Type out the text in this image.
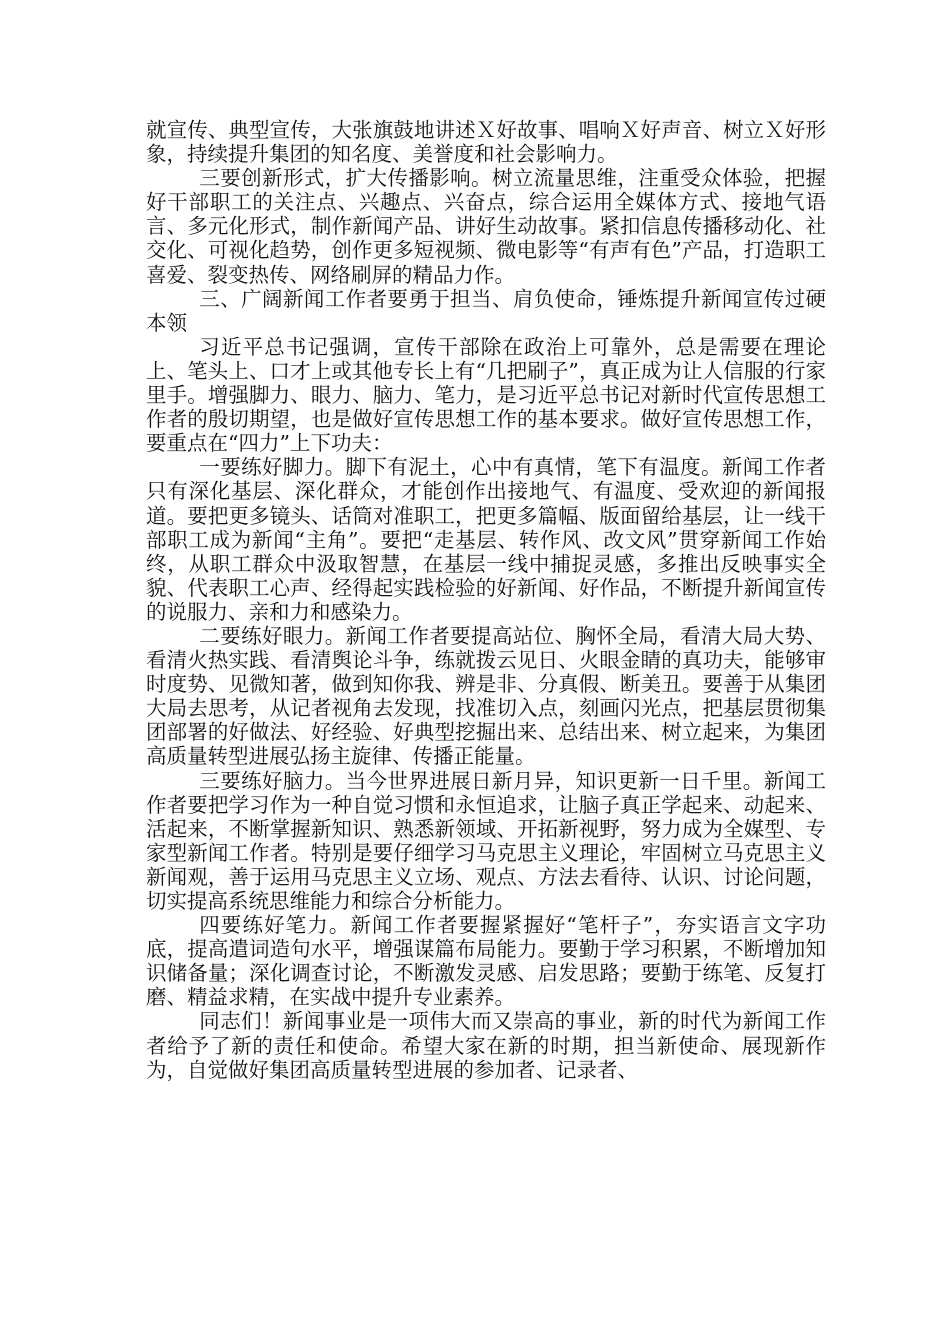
就宣传、典型宣传，大张旗鼓地讲述Ｘ好故事、唱响Ｘ好声音、树立Ｘ好形象，持续提升集团的知名度、美誉度和社会影响力。

三要创新形式，扩大传播影响。树立流量思维，注重受众体验，把握好干部职工的关注点、兴趣点、兴奋点，综合运用全媒体方式、接地气语言、多元化形式，制作新闻产品、讲好生动故事。紧扣信息传播移动化、社交化、可视化趋势，创作更多短视频、微电影等“有声有色”产品，打造职工喜爱、裂变热传、网络刷屏的精品力作。

三、广阔新闻工作者要勇于担当、肩负使命，锤炼提升新闻宣传过硬本领

习近平总书记强调，宣传干部除在政治上可靠外，总是需要在理论上、笔头上、口才上或其他专长上有“几把刷子”，真正成为让人信服的行家里手。增强脚力、眼力、脑力、笔力，是习近平总书记对新时代宣传思想工作者的殷切期望，也是做好宣传思想工作的基本要求。做好宣传思想工作，要重点在“四力”上下功夫：

一要练好脚力。脚下有泥土，心中有真情，笔下有温度。新闻工作者只有深化基层、深化群众，才能创作出接地气、有温度、受欢迎的新闻报道。要把更多镜头、话筒对准职工，把更多篇幅、版面留给基层，让一线干部职工成为新闻“主角”。要把“走基层、转作风、改文风”贯穿新闻工作始终，从职工群众中汲取智慧，在基层一线中捕捉灵感，多推出反映事实全貌、代表职工心声、经得起实践检验的好新闻、好作品，不断提升新闻宣传的说服力、亲和力和感染力。

二要练好眼力。新闻工作者要提高站位、胸怀全局，看清大局大势、看清火热实践、看清舆论斗争，练就拨云见日、火眼金睛的真功夫，能够审时度势、见微知著，做到知你我、辨是非、分真假、断美丑。要善于从集团大局去思考，从记者视角去发现，找准切入点，刻画闪光点，把基层贯彻集团部署的好做法、好经验、好典型挖掘出来、总结出来、树立起来，为集团高质量转型进展弘扬主旋律、传播正能量。

三要练好脑力。当今世界进展日新月异，知识更新一日千里。新闻工作者要把学习作为一种自觉习惯和永恒追求，让脑子真正学起来、动起来、活起来，不断掌握新知识、熟悉新领域、开拓新视野，努力成为全媒型、专家型新闻工作者。特别是要仔细学习马克思主义理论，牢固树立马克思主义新闻观，善于运用马克思主义立场、观点、方法去看待、认识、讨论问题，切实提高系统思维能力和综合分析能力。

四要练好笔力。新闻工作者要握紧握好“笔杆子”，夯实语言文字功底，提高遣词造句水平，增强谋篇布局能力。要勤于学习积累，不断增加知识储备量；深化调查讨论，不断激发灵感、启发思路；要勤于练笔、反复打磨、精益求精，在实战中提升专业素养。

同志们！新闻事业是一项伟大而又崇高的事业，新的时代为新闻工作者给予了新的责任和使命。希望大家在新的时期，担当新使命、展现新作为，自觉做好集团高质量转型进展的参加者、记录者、
